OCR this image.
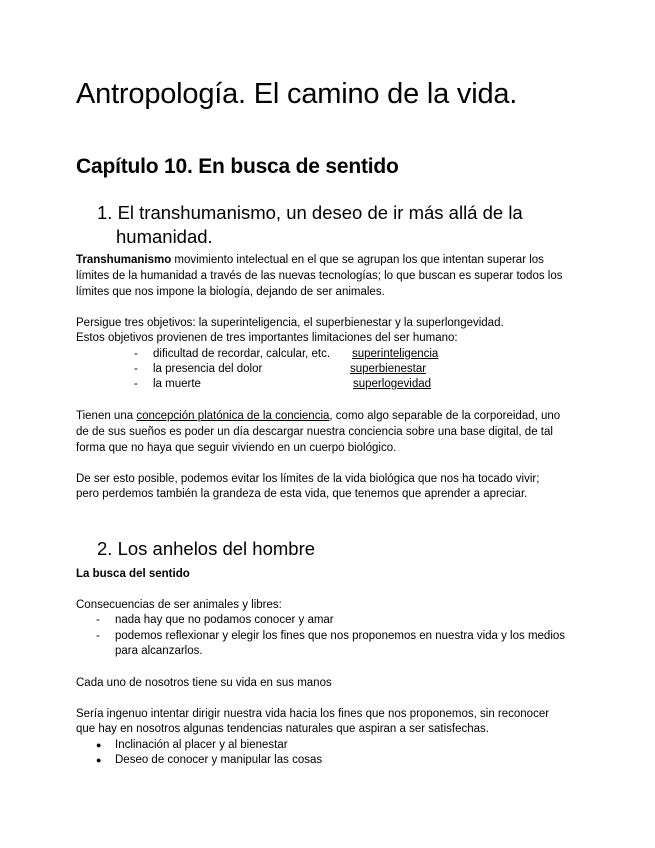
Antropología. El camino de la vida.
Capítulo 10. En busca de sentido
1. El transhumanismo, un deseo de ir más allá de la
humanidad.
Transhumanismo movimiento intelectual en el que se agrupan los que intentan superar los
límites de la humanidad a través de las nuevas tecnologías; lo que buscan es superar todos los
límites que nos impone la biología, dejando de ser animales.
Persigue tres objetivos: la superinteligencia, el superbienestar y la superlongevidad.
Estos objetivos provienen de tres importantes limitaciones del ser humano:
- dificultad de recordar, calcular, etc. superinteligencia
- la presencia del dolor	superbienestar
- la muerte	superlogevidad
Tienen una concepción platónica de la conciencia, como algo separable de la corporeidad, uno
de de sus sueños es poder un día descargar nuestra conciencia sobre una base digital, de tal
forma que no haya que seguir viviendo en un cuerpo biológico.
De ser esto posible, podemos evitar los límites de la vida biológica que nos ha tocado vivir;
pero perdemos también la grandeza de esta vida, que tenemos que aprender a apreciar.
2. Los anhelos del hombre
La busca del sentido
Consecuencias de ser animales y libres:
- nada hay que no podamos conocer y amar
- podemos reflexionar y elegir los fines que nos proponemos en nuestra vida y los medios
para alcanzarlos.
Cada uno de nosotros tiene su vida en sus manos
Sería ingenuo intentar dirigir nuestra vida hacia los fines que nos proponemos, sin reconocer
que hay en nosotros algunas tendencias naturales que aspiran a ser satisfechas.
● Inclinación al placer y al bienestar
● Deseo de conocer y manipular las cosas
